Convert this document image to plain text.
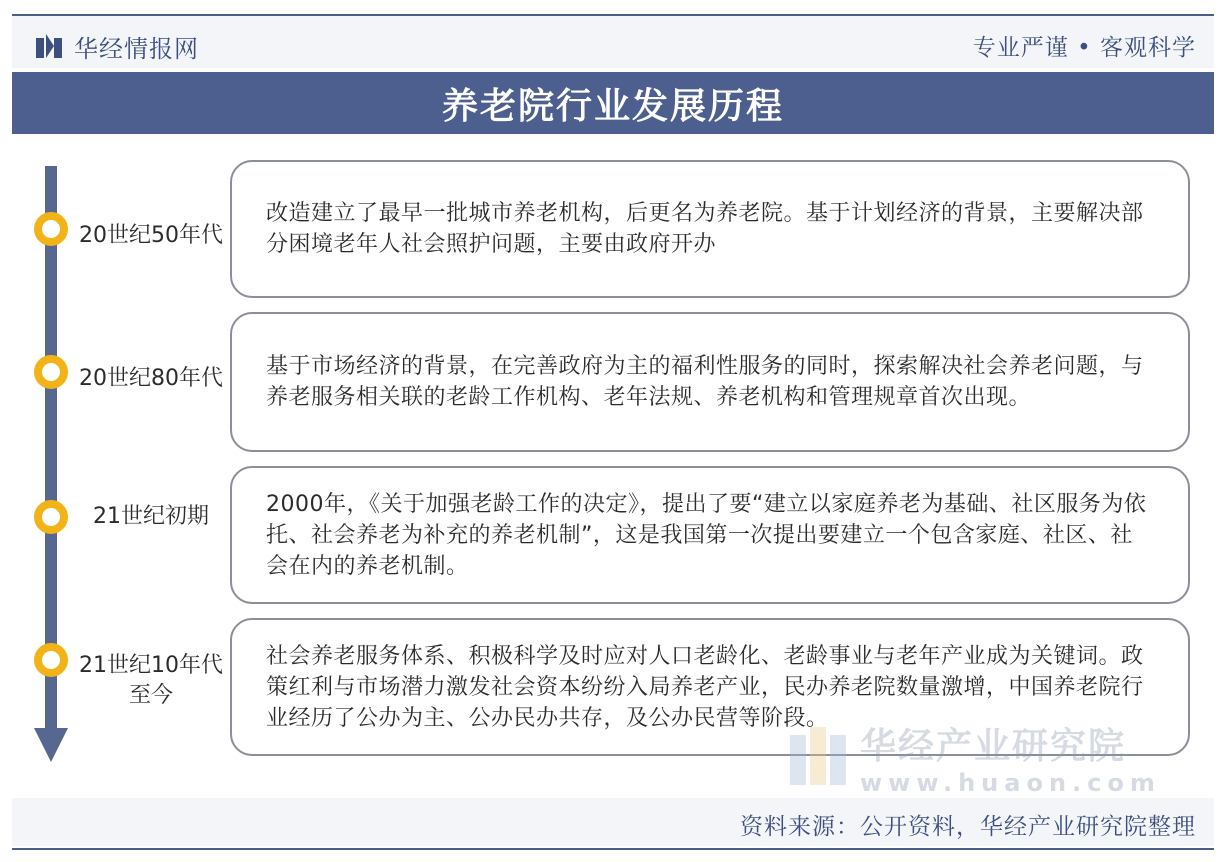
华经情报网	专业严谨 • 客观科学
养老院行业发展历程
20世纪50年代

改造建立了最早一批城市养老机构，后更名为养老院。基于计划经济的背景，主要解决部分困境老年人社会照护问题，主要由政府开办

20世纪80年代 基于市场经济的背景，在完善政府为主的福利性服务的同时，探索解决社会养老问题，与养老服务相关联的老龄工作机构、老年法规、养老机构和管理规章首次出现。

21世纪初期	2000年，《关于加强老龄工作的决定》，提出了要“建立以家庭养老为基础、社区服务为依托、社会养老为补充的养老机制”，这是我国第一次提出要建立一个包含家庭、社区、社会在内的养老机制。

21世纪10年代至今

社会养老服务体系、积极科学及时应对人口老龄化、老龄事业与老年产业成为关键词。政策红利与市场潜力激发社会资本纷纷入局养老产业，民办养老院数量激增，中国养老院行业经历了公办为主、公办民办共存，及公办民营等阶段。

华经产业研究院
www.huaon.com
资料来源：公开资料，华经产业研究院整理
